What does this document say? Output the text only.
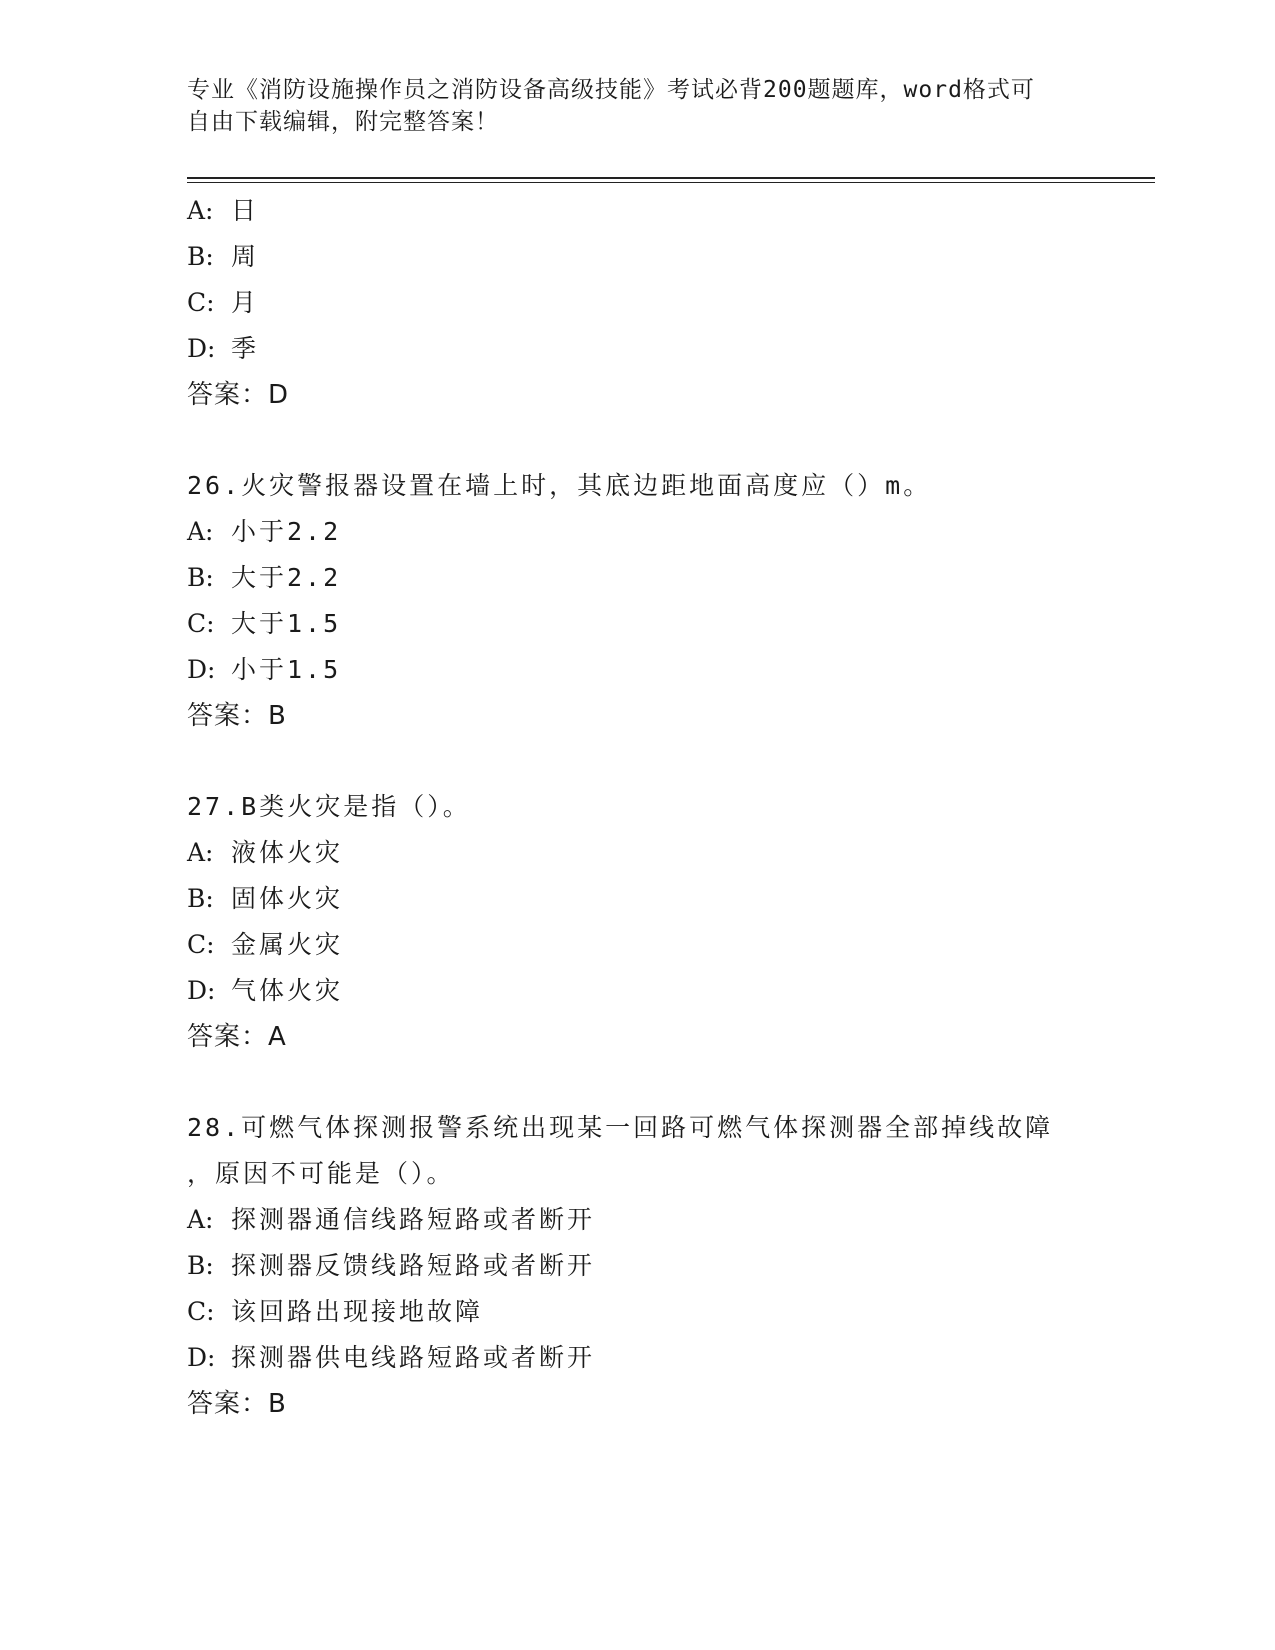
专业《消防设施操作员之消防设备高级技能》考试必背200题题库，word格式可
自由下载编辑，附完整答案！
A: 日
B: 周
C: 月
D: 季
答案：D
26.火灾警报器设置在墙上时，其底边距地面高度应（）m。
A: 小于2.2
B: 大于2.2
C: 大于1.5
D: 小于1.5
答案：B
27.B类火灾是指（）。
A: 液体火灾
B: 固体火灾
C: 金属火灾
D: 气体火灾
答案：A
28.可燃气体探测报警系统出现某一回路可燃气体探测器全部掉线故障
，原因不可能是（）。
A: 探测器通信线路短路或者断开
B: 探测器反馈线路短路或者断开
C: 该回路出现接地故障
D: 探测器供电线路短路或者断开
答案：B
